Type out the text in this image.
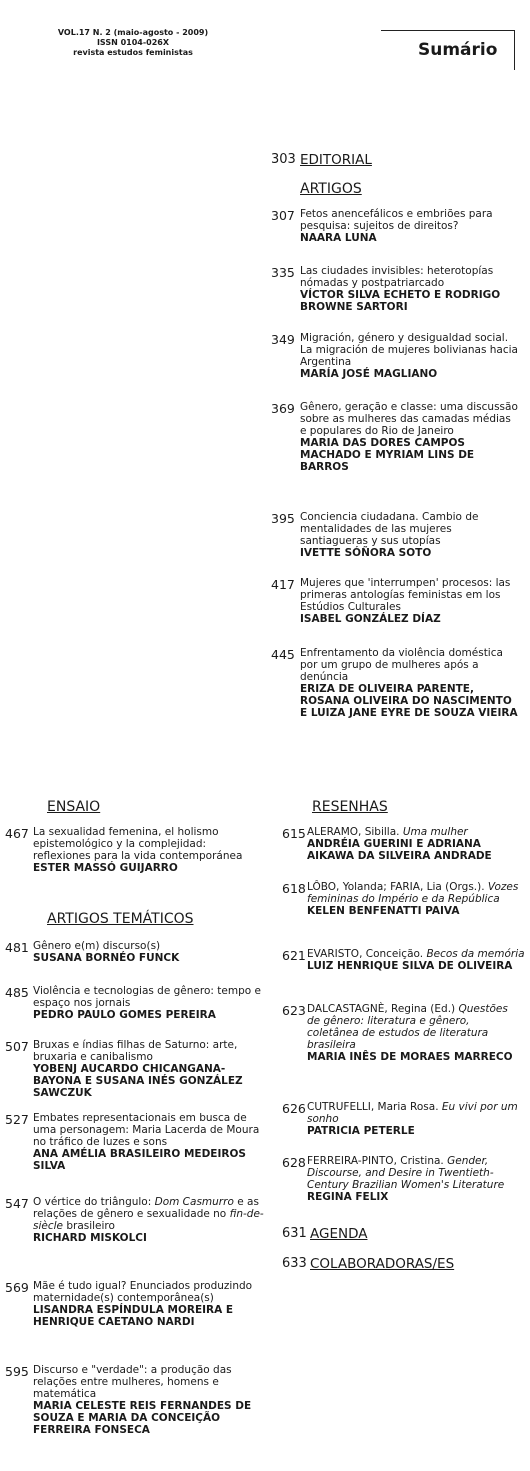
VOL.17 N. 2 (maio-agosto - 2009)
ISSN 0104-026X
revista estudos feministas	Sumário
303 EDITORIAL
ARTIGOS
307 Fetos anencefálicos e embriões para pesquisa: sujeitos de direitos?
NAARA LUNA
335 Las ciudades invisibles: heterotopías nómadas y postpatriarcado
VÍCTOR SILVA ECHETO E RODRIGO BROWNE SARTORI
349 Migración, género y desigualdad social. La migración de mujeres bolivianas hacia Argentina
MARÍA JOSÉ MAGLIANO
369 Gênero, geração e classe: uma discussão sobre as mulheres das camadas médias e populares do Rio de Janeiro
MARIA DAS DORES CAMPOS MACHADO E MYRIAM LINS DE BARROS
395 Conciencia ciudadana. Cambio de mentalidades de las mujeres santiagueras y sus utopías
IVETTE SÓÑORA SOTO
417 Mujeres que 'interrumpen' procesos: las primeras antologías feministas em los Estúdios Culturales
ISABEL GONZÁLEZ DÍAZ
445 Enfrentamento da violência doméstica por um grupo de mulheres após a denúncia
ERIZA DE OLIVEIRA PARENTE, ROSANA OLIVEIRA DO NASCIMENTO E LUIZA JANE EYRE DE SOUZA VIEIRA
RESENHAS
615 ALERAMO, Sibilla. Uma mulher
ANDRÉIA GUERINI E ADRIANA AIKAWA DA SILVEIRA ANDRADE
618 LÔBO, Yolanda; FARIA, Lia (Orgs.). Vozes femininas do Império e da República
KELEN BENFENATTI PAIVA
621 EVARISTO, Conceição. Becos da memória
LUIZ HENRIQUE SILVA DE OLIVEIRA
623 DALCASTAGNÈ, Regina (Ed.) Questões de gênero: literatura e gênero, coletânea de estudos de literatura brasileira
MARIA INÊS DE MORAES MARRECO
626 CUTRUFELLI, Maria Rosa. Eu vivi por um sonho
PATRICIA PETERLE
628 FERREIRA-PINTO, Cristina. Gender, Discourse, and Desire in Twentieth-Century Brazilian Women's Literature
REGINA FELIX
631 AGENDA
633 COLABORADORAS/ES
ENSAIO
467 La sexualidad femenina, el holismo epistemológico y la complejidad: reflexiones para la vida contemporánea
ESTER MASSÓ GUIJARRO
ARTIGOS TEMÁTICOS
481 Gênero e(m) discurso(s)
SUSANA BORNÉO FUNCK
485 Violência e tecnologias de gênero: tempo e espaço nos jornais
PEDRO PAULO GOMES PEREIRA
507 Bruxas e índias filhas de Saturno: arte, bruxaria e canibalismo
YOBENJ AUCARDO CHICANGANA-BAYONA E SUSANA INÉS GONZÁLEZ SAWCZUK
527 Embates representacionais em busca de uma personagem: Maria Lacerda de Moura no tráfico de luzes e sons
ANA AMÉLIA BRASILEIRO MEDEIROS SILVA
547 O vértice do triângulo: Dom Casmurro e as relações de gênero e sexualidade no fin-de-siècle brasileiro
RICHARD MISKOLCI
569 Mãe é tudo igual? Enunciados produzindo maternidade(s) contemporânea(s)
LISANDRA ESPÍNDULA MOREIRA E HENRIQUE CAETANO NARDI
595 Discurso e "verdade": a produção das relações entre mulheres, homens e matemática
MARIA CELESTE REIS FERNANDES DE SOUZA E MARIA DA CONCEIÇÃO FERREIRA FONSECA
